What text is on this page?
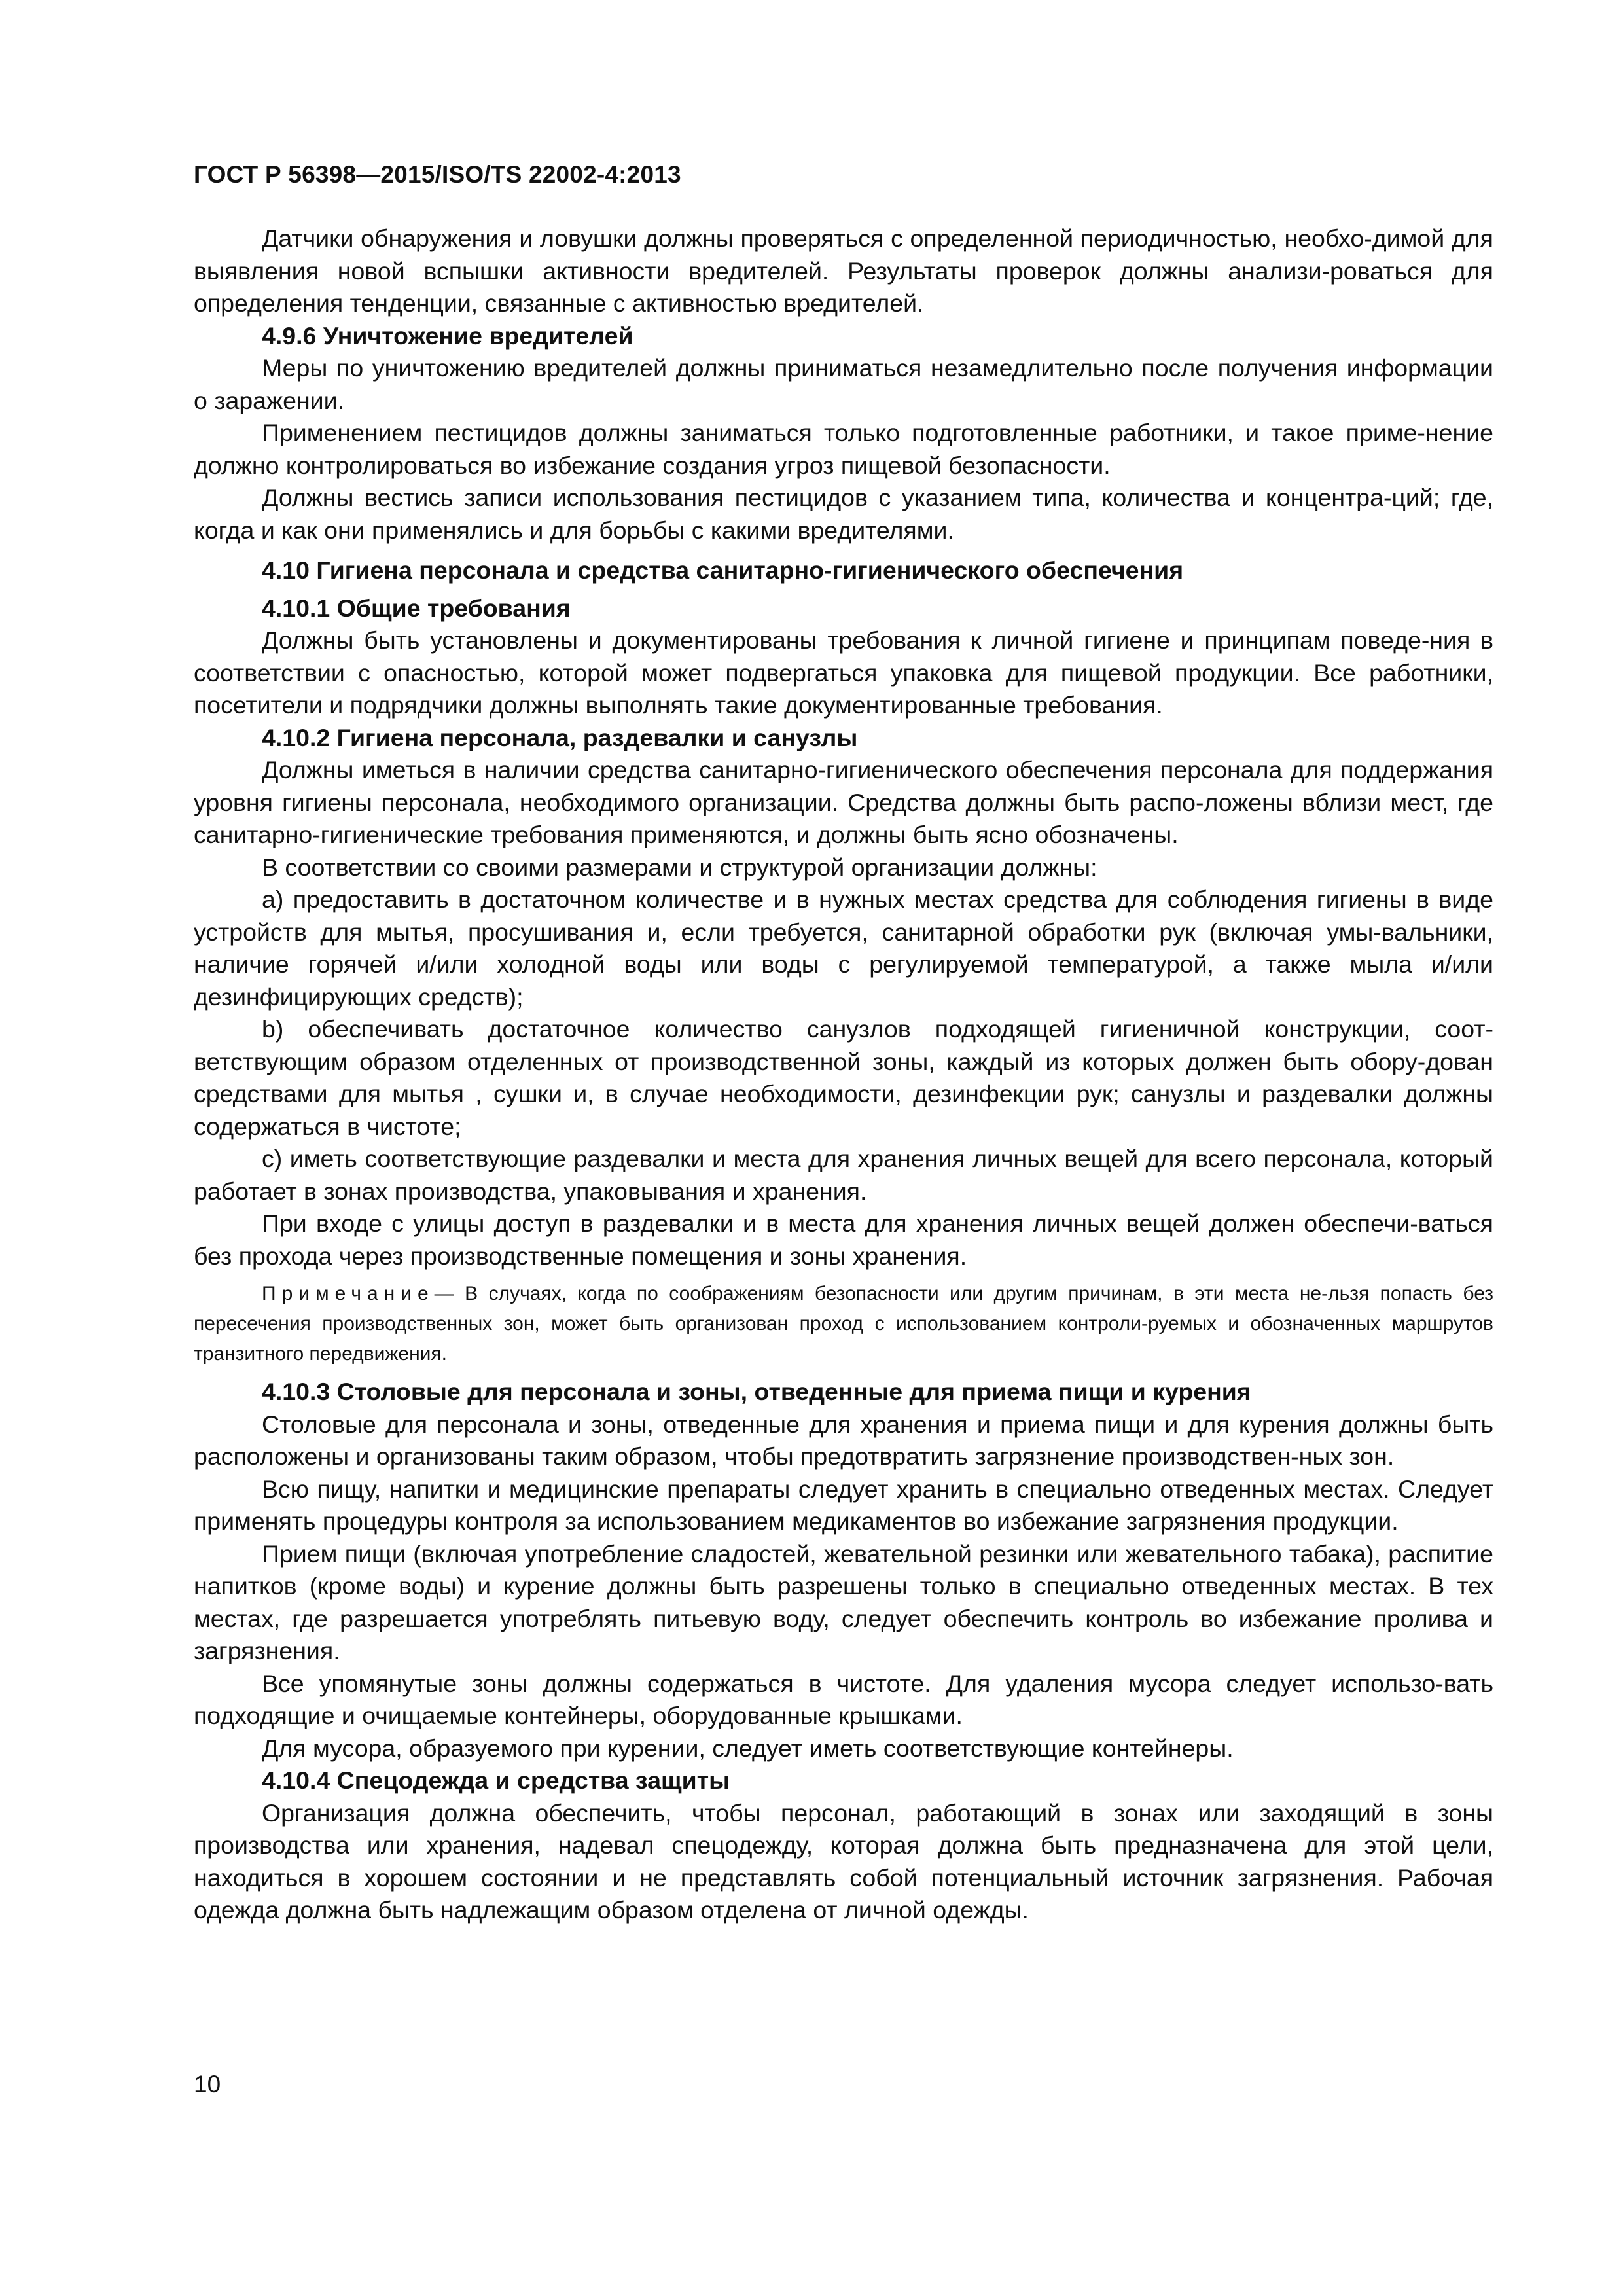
ГОСТ Р 56398—2015/ISO/TS 22002-4:2013

Датчики обнаружения и ловушки должны проверяться с определенной периодичностью, необхо-димой для выявления новой вспышки активности вредителей. Результаты проверок должны анализи-роваться для определения тенденции, связанные с активностью вредителей.

4.9.6 Уничтожение вредителей

Меры по уничтожению вредителей должны приниматься незамедлительно после получения информации о заражении.

Применением пестицидов должны заниматься только подготовленные работники, и такое приме-нение должно контролироваться во избежание создания угроз пищевой безопасности.

Должны вестись записи использования пестицидов с указанием типа, количества и концентра-ций; где, когда и как они применялись и для борьбы с какими вредителями.

4.10 Гигиена персонала и средства санитарно-гигиенического обеспечения
4.10.1 Общие требования

Должны быть установлены и документированы требования к личной гигиене и принципам поведе-ния в соответствии с опасностью, которой может подвергаться упаковка для пищевой продукции. Все работники, посетители и подрядчики должны выполнять такие документированные требования.

4.10.2 Гигиена персонала, раздевалки и санузлы

Должны иметься в наличии средства санитарно-гигиенического обеспечения персонала для поддержания уровня гигиены персонала, необходимого организации. Средства должны быть распо-ложены вблизи мест, где санитарно-гигиенические требования применяются, и должны быть ясно обозначены.

В соответствии со своими размерами и структурой организации должны:

a) предоставить в достаточном количестве и в нужных местах средства для соблюдения гигиены в виде устройств для мытья, просушивания и, если требуется, санитарной обработки рук (включая умы-вальники, наличие горячей и/или холодной воды или воды с регулируемой температурой, а также мыла и/или дезинфицирующих средств);

b) обеспечивать достаточное количество санузлов подходящей гигиеничной конструкции, соот-ветствующим образом отделенных от производственной зоны, каждый из которых должен быть обору-дован средствами для мытья , сушки и, в случае необходимости, дезинфекции рук; санузлы и раздевалки должны содержаться в чистоте;

c) иметь соответствующие раздевалки и места для хранения личных вещей для всего персонала, который работает в зонах производства, упаковывания и хранения.

При входе с улицы доступ в раздевалки и в места для хранения личных вещей должен обеспечи-ваться без прохода через производственные помещения и зоны хранения.

Примечание— В случаях, когда по соображениям безопасности или другим причинам, в эти места не-льзя попасть без пересечения производственных зон, может быть организован проход с использованием контроли-руемых и обозначенных маршрутов транзитного передвижения.
4.10.3 Столовые для персонала и зоны, отведенные для приема пищи и курения

Столовые для персонала и зоны, отведенные для хранения и приема пищи и для курения должны быть расположены и организованы таким образом, чтобы предотвратить загрязнение производствен-ных зон.

Всю пищу, напитки и медицинские препараты следует хранить в специально отведенных местах. Следует применять процедуры контроля за использованием медикаментов во избежание загрязнения продукции.

Прием пищи (включая употребление сладостей, жевательной резинки или жевательного табака), распитие напитков (кроме воды) и курение должны быть разрешены только в специально отведенных местах. В тех местах, где разрешается употреблять питьевую воду, следует обеспечить контроль во избежание пролива и загрязнения.

Все упомянутые зоны должны содержаться в чистоте. Для удаления мусора следует использо-вать подходящие и очищаемые контейнеры, оборудованные крышками.

Для мусора, образуемого при курении, следует иметь соответствующие контейнеры.

4.10.4 Спецодежда и средства защиты

Организация должна обеспечить, чтобы персонал, работающий в зонах или заходящий в зоны производства или хранения, надевал спецодежду, которая должна быть предназначена для этой цели, находиться в хорошем состоянии и не представлять собой потенциальный источник загрязнения. Рабочая одежда должна быть надлежащим образом отделена от личной одежды.

10
